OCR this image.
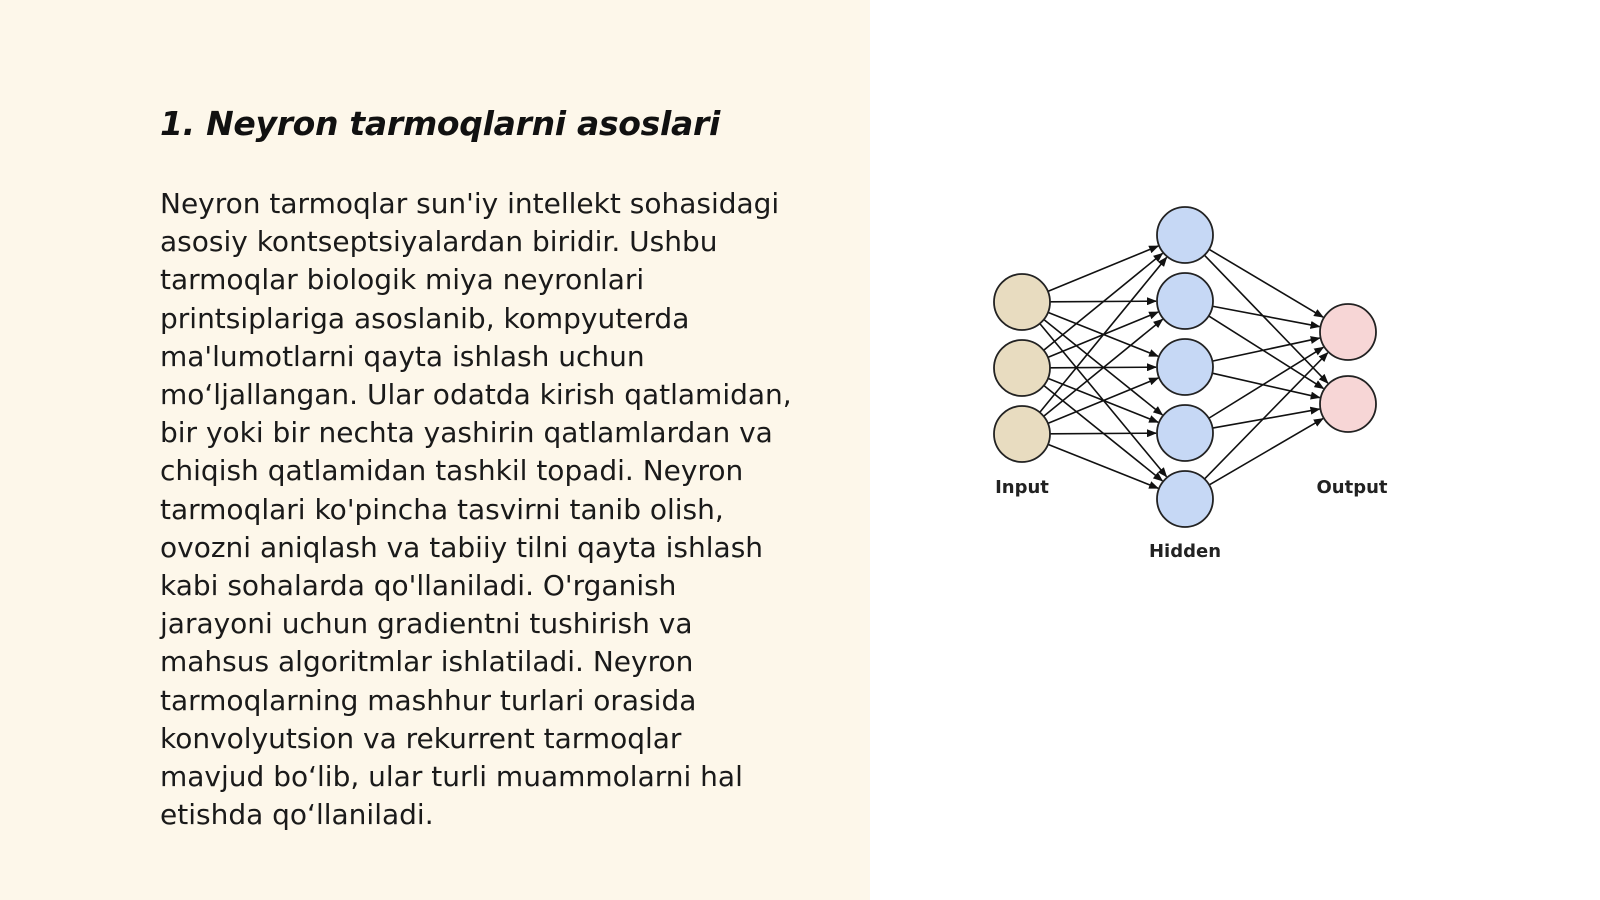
1. Neyron tarmoqlarni asoslari

Neyron tarmoqlar sun'iy intellekt sohasidagi
asosiy kontseptsiyalardan biridir. Ushbu
tarmoqlar biologik miya neyronlari
printsiplariga asoslanib, kompyuterda
ma'lumotlarni qayta ishlash uchun
mo‘ljallangan. Ular odatda kirish qatlamidan,
bir yoki bir nechta yashirin qatlamlardan va
chiqish qatlamidan tashkil topadi. Neyron
tarmoqlari ko'pincha tasvirni tanib olish,
ovozni aniqlash va tabiiy tilni qayta ishlash
kabi sohalarda qo'llaniladi. O'rganish
jarayoni uchun gradientni tushirish va
mahsus algoritmlar ishlatiladi. Neyron
tarmoqlarning mashhur turlari orasida
konvolyutsion va rekurrent tarmoqlar
mavjud bo‘lib, ular turli muammolarni hal
etishda qo‘llaniladi.

Input
Hidden
Output
